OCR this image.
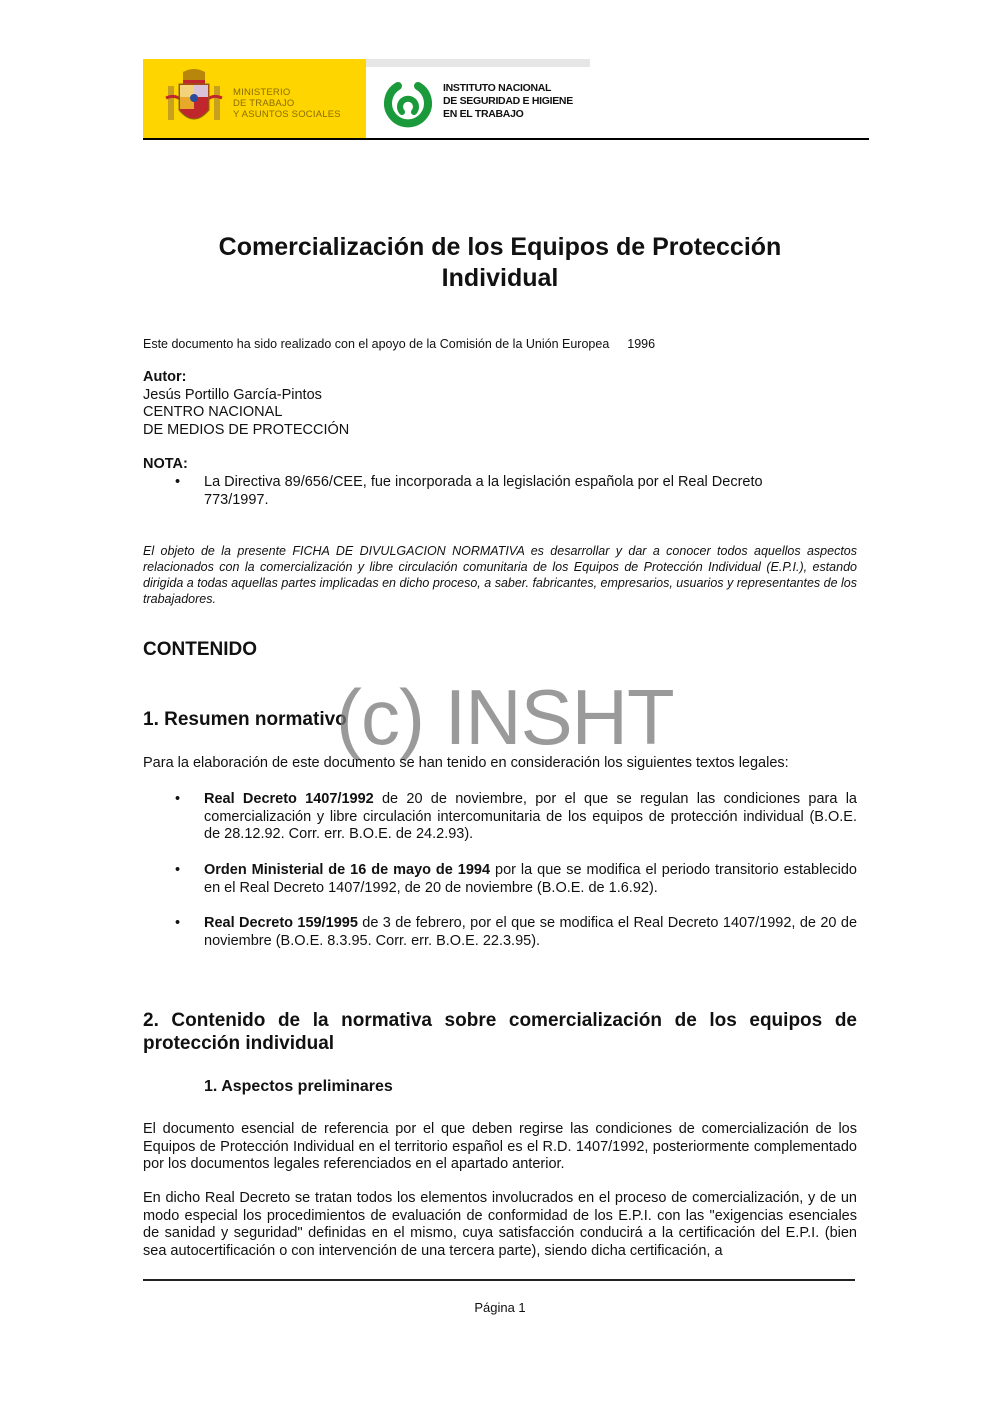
MINISTERIO
DE TRABAJO
Y ASUNTOS SOCIALES
INSTITUTO NACIONAL
DE SEGURIDAD E HIGIENE
EN EL TRABAJO
Comercialización de los Equipos de Protección
Individual
Este documento ha sido realizado con el apoyo de la Comisión de la Unión Europea 1996
Autor:
Jesús Portillo García-Pintos
CENTRO NACIONAL
DE MEDIOS DE PROTECCIÓN
NOTA:
• La Directiva 89/656/CEE, fue incorporada a la legislación española por el Real Decreto 773/1997.
El objeto de la presente FICHA DE DIVULGACION NORMATIVA es desarrollar y dar a conocer todos aquellos aspectos relacionados con la comercialización y libre circulación comunitaria de los Equipos de Protección Individual (E.P.I.), estando dirigida a todas aquellas partes implicadas en dicho proceso, a saber. fabricantes, empresarios, usuarios y representantes de los trabajadores.
CONTENIDO
1. Resumen normativo
(c) INSHT
Para la elaboración de este documento se han tenido en consideración los siguientes textos legales:
• Real Decreto 1407/1992 de 20 de noviembre, por el que se regulan las condiciones para la comercialización y libre circulación intercomunitaria de los equipos de protección individual (B.O.E. de 28.12.92. Corr. err. B.O.E. de 24.2.93).
• Orden Ministerial de 16 de mayo de 1994 por la que se modifica el periodo transitorio establecido en el Real Decreto 1407/1992, de 20 de noviembre (B.O.E. de 1.6.92).
• Real Decreto 159/1995 de 3 de febrero, por el que se modifica el Real Decreto 1407/1992, de 20 de noviembre (B.O.E. 8.3.95. Corr. err. B.O.E. 22.3.95).
2. Contenido de la normativa sobre comercialización de los equipos de protección individual
1. Aspectos preliminares
El documento esencial de referencia por el que deben regirse las condiciones de comercialización de los Equipos de Protección Individual en el territorio español es el R.D. 1407/1992, posteriormente complementado por los documentos legales referenciados en el apartado anterior.
En dicho Real Decreto se tratan todos los elementos involucrados en el proceso de comercialización, y de un modo especial los procedimientos de evaluación de conformidad de los E.P.I. con las "exigencias esenciales de sanidad y seguridad" definidas en el mismo, cuya satisfacción conducirá a la certificación del E.P.I. (bien sea autocertificación o con intervención de una tercera parte), siendo dicha certificación, a
Página 1
